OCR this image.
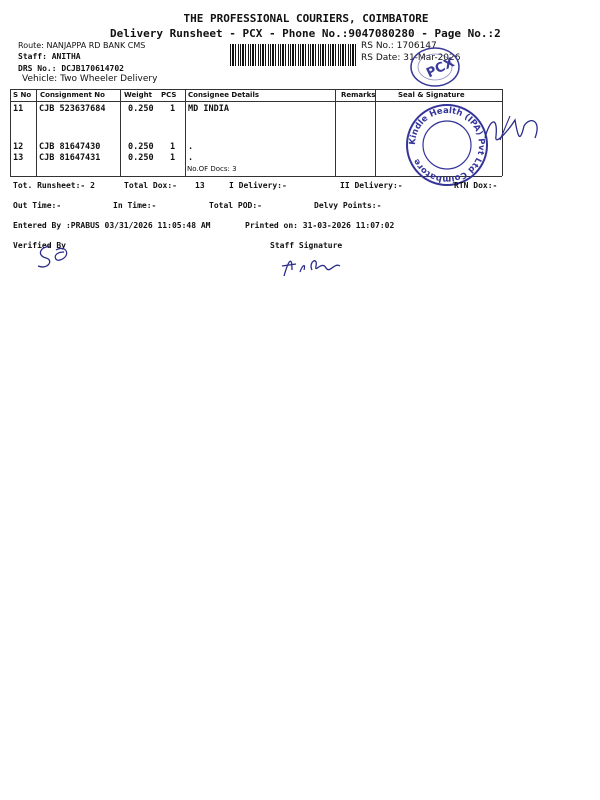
THE PROFESSIONAL COURIERS, COIMBATORE
Delivery Runsheet - PCX - Phone No.:9047080280 - Page No.:2
Route: NANJAPPA RD BANK CMS
Staff: ANITHA
DRS No.: DCJB170614702
Vehicle: Two Wheeler Delivery
RS No.: 1706147
RS Date: 31-Mar-2026
PCX
S No Consignment No	Weight PCS Consignee Details	Remarks	Seal & Signature
11 CJB 523637684	0.250 1 MD INDIA
12 CJB 81647430	0.250 1 .
13 CJB 81647431	0.250 1 .
No.OF Docs: 3
Kindle Health (IPA) Pvt Ltd Coimbatore
Tot. Runsheet:- 2	Total Dox:- 13	I Delivery:-	II Delivery:-	RTN Dox:-
Out Time:-	In Time:-	Total POD:-	Delvy Points:-
Entered By :PRABUS 03/31/2026 11:05:48 AM	Printed on: 31-03-2026 11:07:02
Verified By	Staff Signature
